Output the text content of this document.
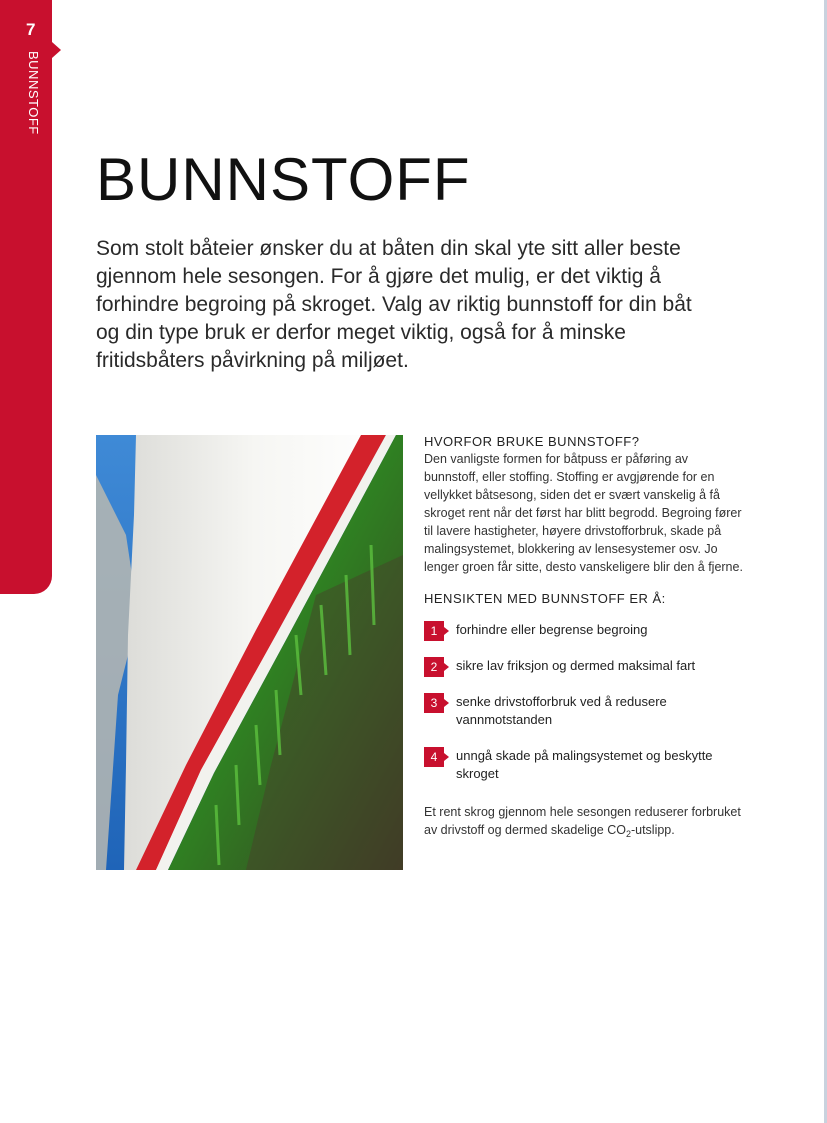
7
BUNNSTOFF
BUNNSTOFF

Som stolt båteier ønsker du at båten din skal yte sitt aller beste gjennom hele sesongen. For å gjøre det mulig, er det viktig å forhindre begroing på skroget. Valg av riktig bunnstoff for din båt og din type bruk er derfor meget viktig, også for å minske fritidsbåters påvirkning på miljøet.

HVORFOR BRUKE BUNNSTOFF?

Den vanligste formen for båtpuss er påføring av bunnstoff, eller stoffing. Stoffing er avgjørende for en vellykket båtsesong, siden det er svært vanskelig å få skroget rent når det først har blitt begrodd. Begroing fører til lavere hastigheter, høyere drivstofforbruk, skade på malingsystemet, blokkering av lensesystemer osv. Jo lenger groen får sitte, desto vanskeligere blir den å fjerne.

HENSIKTEN MED BUNNSTOFF ER Å:

1	forhindre eller begrense begroing
2	sikre lav friksjon og dermed maksimal fart
3	senke drivstofforbruk ved å redusere vannmotstanden
4	unngå skade på malingsystemet og beskytte skroget

Et rent skrog gjennom hele sesongen reduserer forbruket av drivstoff og dermed skadelige $CO_2$-utslipp.
